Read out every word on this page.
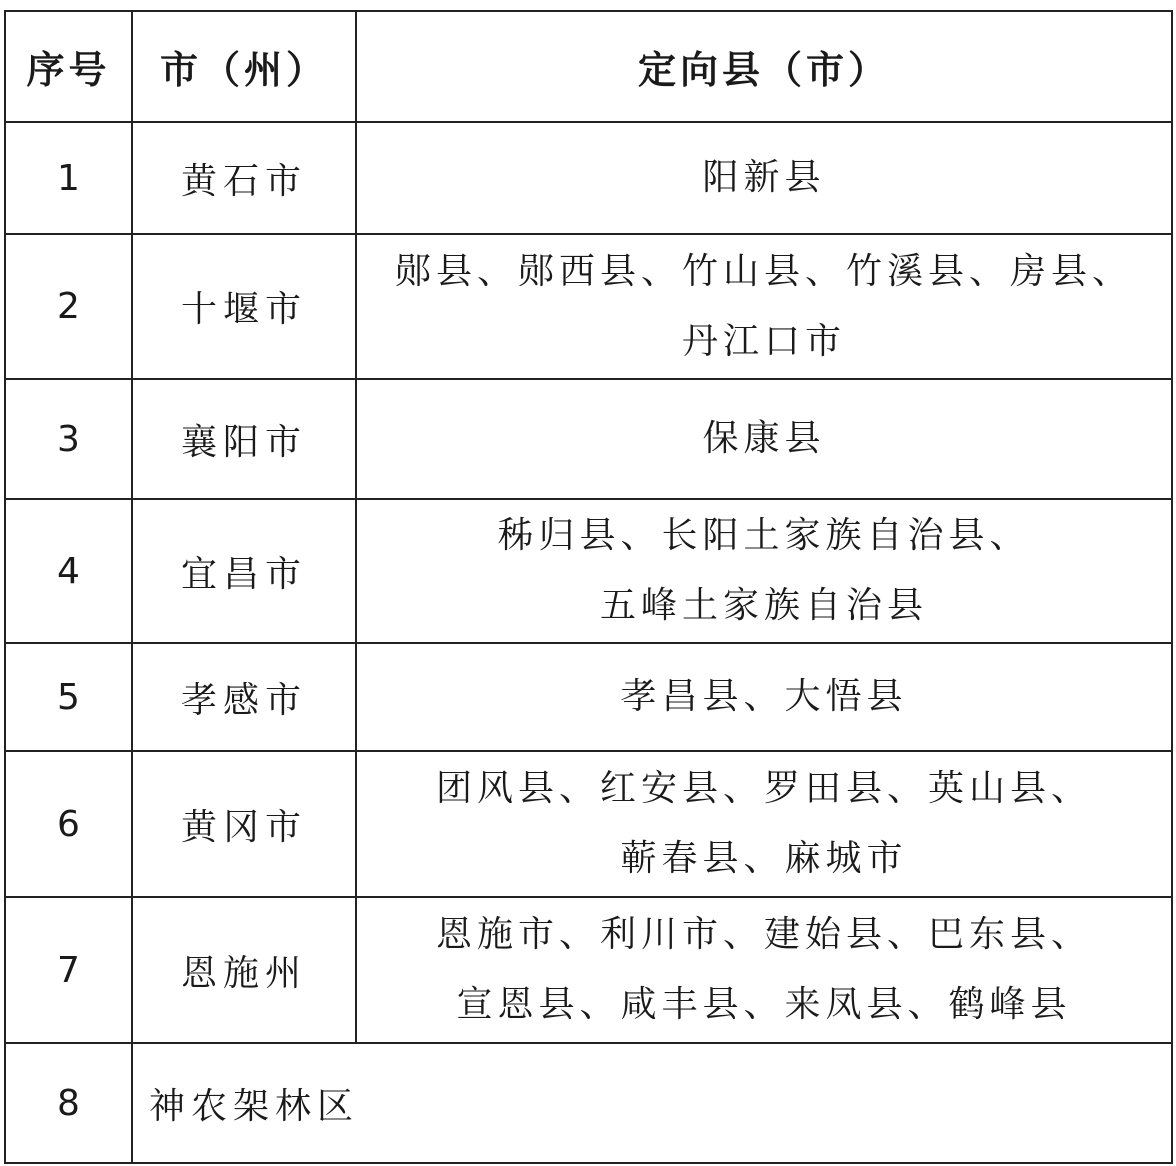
序号	市（州）	定向县（市）
1	黄石市	阳新县

2	十堰市	郧县、郧西县、竹山县、竹溪县、房县、
丹江口市

3	襄阳市	保康县

4	宜昌市	秭归县、长阳土家族自治县、
五峰土家族自治县

5	孝感市	孝昌县、大悟县

6	黄冈市	团风县、红安县、罗田县、英山县、
蕲春县、麻城市

7	恩施州	恩施市、利川市、建始县、巴东县、
宣恩县、咸丰县、来凤县、鹤峰县

8	神农架林区	
